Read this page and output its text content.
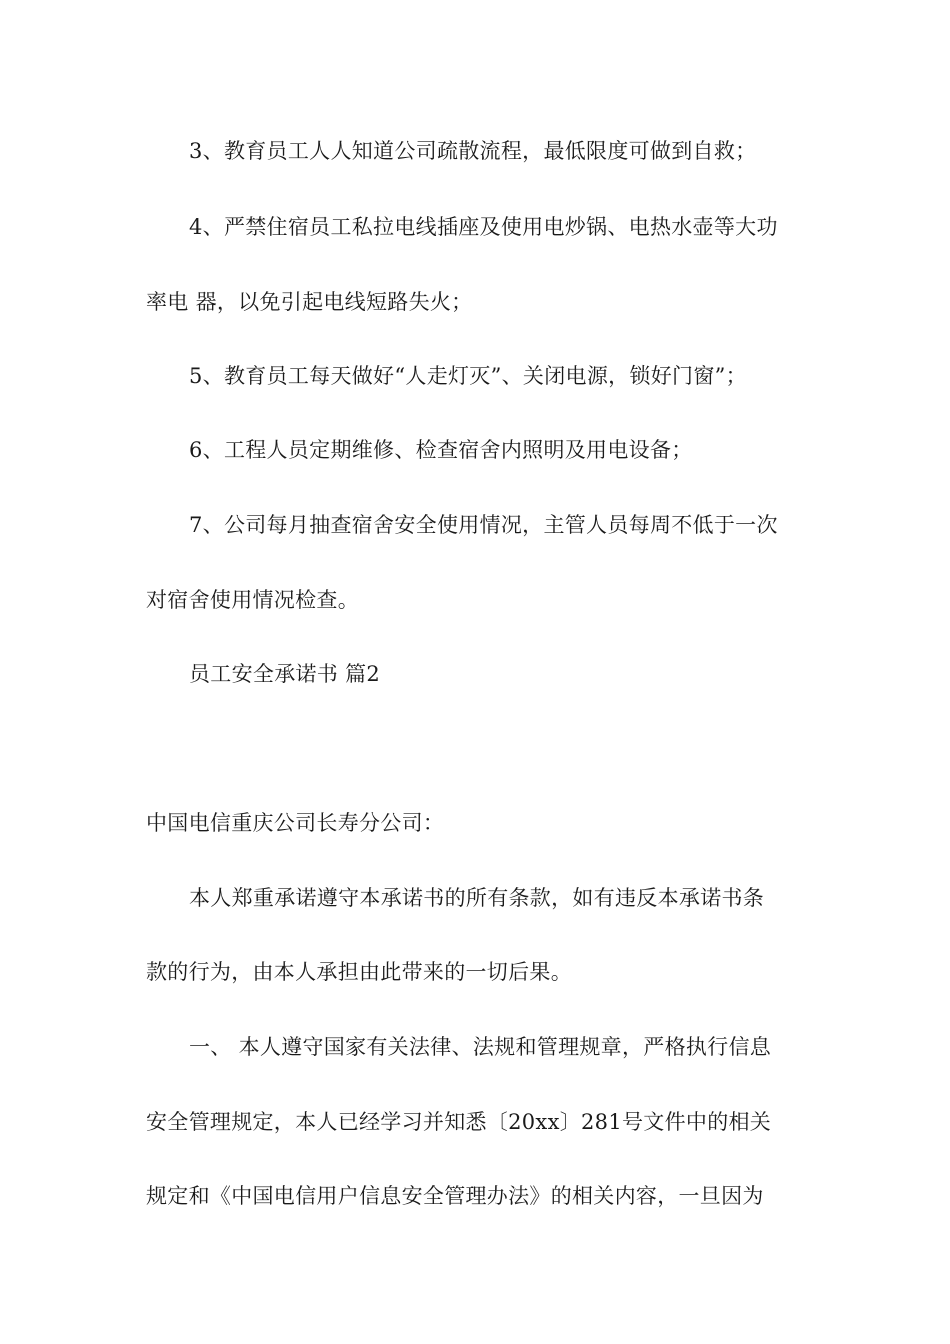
3、教育员工人人知道公司疏散流程，最低限度可做到自救；
4、严禁住宿员工私拉电线插座及使用电炒锅、电热水壶等大功
率电 器，以免引起电线短路失火；
5、教育员工每天做好“人走灯灭”、关闭电源，锁好门窗”；
6、工程人员定期维修、检查宿舍内照明及用电设备；
7、公司每月抽查宿舍安全使用情况，主管人员每周不低于一次
对宿舍使用情况检查。
员工安全承诺书 篇2
中国电信重庆公司长寿分公司：
本人郑重承诺遵守本承诺书的所有条款，如有违反本承诺书条
款的行为，由本人承担由此带来的一切后果。
一、 本人遵守国家有关法律、法规和管理规章，严格执行信息
安全管理规定，本人已经学习并知悉〔20xx〕281号文件中的相关
规定和《中国电信用户信息安全管理办法》的相关内容，一旦因为
